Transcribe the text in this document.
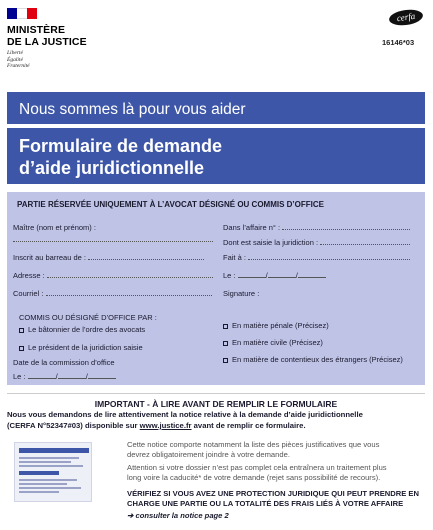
MINISTÈRE
DE LA JUSTICE
Liberté
Égalité
Fraternité
cerfa
16146*03
Nous sommes là pour vous aider
Formulaire de demande
d’aide juridictionnelle
PARTIE RÉSERVÉE UNIQUEMENT À L’AVOCAT DÉSIGNÉ OU COMMIS D’OFFICE
Maître (nom et prénom) :
Inscrit au barreau de :
Adresse :
Courriel :
Dans l’affaire n° :
Dont est saisie la juridiction :
Fait à :
Le :	/	/
Signature :
COMMIS OU DÉSIGNÉ D’OFFICE PAR :
Le bâtonnier de l’ordre des avocats
Le président de la juridiction saisie
Date de la commission d’office
Le :	/	/
En matière pénale (Précisez)
En matière civile (Précisez)
En matière de contentieux des étrangers (Précisez)
IMPORTANT - À LIRE AVANT DE REMPLIR LE FORMULAIRE
Nous vous demandons de lire attentivement la notice relative à la demande d’aide juridictionnelle
(CERFA N°52347#03) disponible sur www.justice.fr avant de remplir ce formulaire.
Cette notice comporte notamment la liste des pièces justificatives que vous
devrez obligatoirement joindre à votre demande.
Attention si votre dossier n’est pas complet cela entraînera un traitement plus
long voire la caducité* de votre demande (rejet sans possibilité de recours).
VÉRIFIEZ SI VOUS AVEZ UNE PROTECTION JURIDIQUE QUI PEUT PRENDRE EN
CHARGE UNE PARTIE OU LA TOTALITÉ DES FRAIS LIÉS À VOTRE AFFAIRE
➔ consulter la notice page 2
